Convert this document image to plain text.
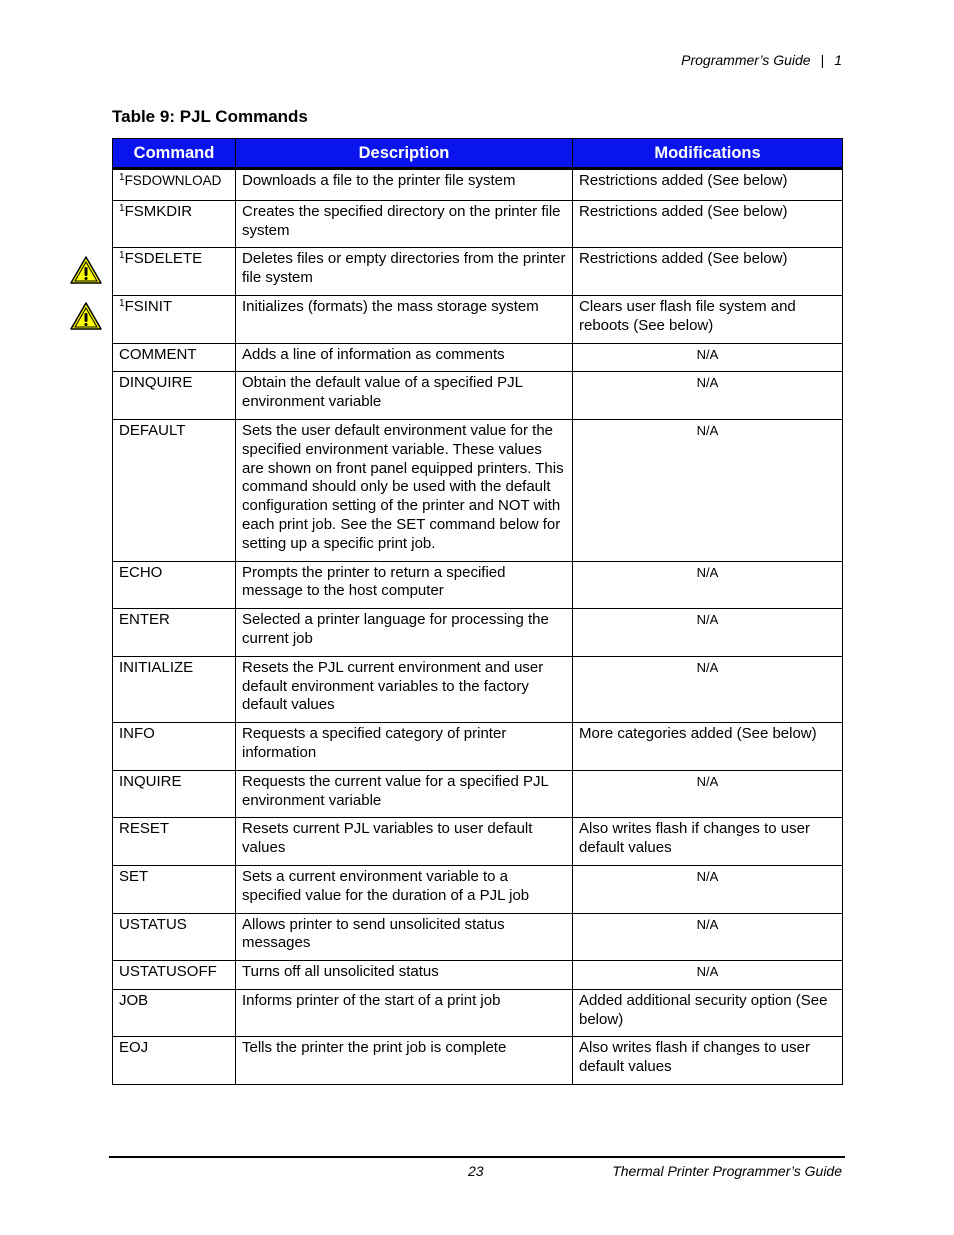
Programmer’s Guide | 1
Table 9: PJL Commands
Command	Description	Modifications
$^1$FSDOWNLOAD	Downloads a file to the printer file system	Restrictions added (See below)
$^1$FSMKDIR	Creates the specified directory on the printer file system	Restrictions added (See below)
$^1$FSDELETE	Deletes files or empty directories from the printer file system	Restrictions added (See below)
$^1$FSINIT	Initializes (formats) the mass storage system	Clears user flash file system and reboots (See below)
COMMENT	Adds a line of information as comments	N/A
DINQUIRE	Obtain the default value of a specified PJL environment variable	N/A
DEFAULT	Sets the user default environment value for the specified environment variable. These values are shown on front panel equipped printers. This command should only be used with the default configuration setting of the printer and NOT with each print job. See the SET command below for setting up a specific print job.	N/A
ECHO	Prompts the printer to return a specified message to the host computer	N/A
ENTER	Selected a printer language for processing the current job	N/A
INITIALIZE	Resets the PJL current environment and user default environment variables to the factory default values	N/A
INFO	Requests a specified category of printer information	More categories added (See below)
INQUIRE	Requests the current value for a specified PJL environment variable	N/A
RESET	Resets current PJL variables to user default values	Also writes flash if changes to user default values
SET	Sets a current environment variable to a specified value for the duration of a PJL job	N/A
USTATUS	Allows printer to send unsolicited status messages	N/A
USTATUSOFF	Turns off all unsolicited status	N/A
JOB	Informs printer of the start of a print job	Added additional security option (See below)
EOJ	Tells the printer the print job is complete	Also writes flash if changes to user default values
23	Thermal Printer Programmer’s Guide
